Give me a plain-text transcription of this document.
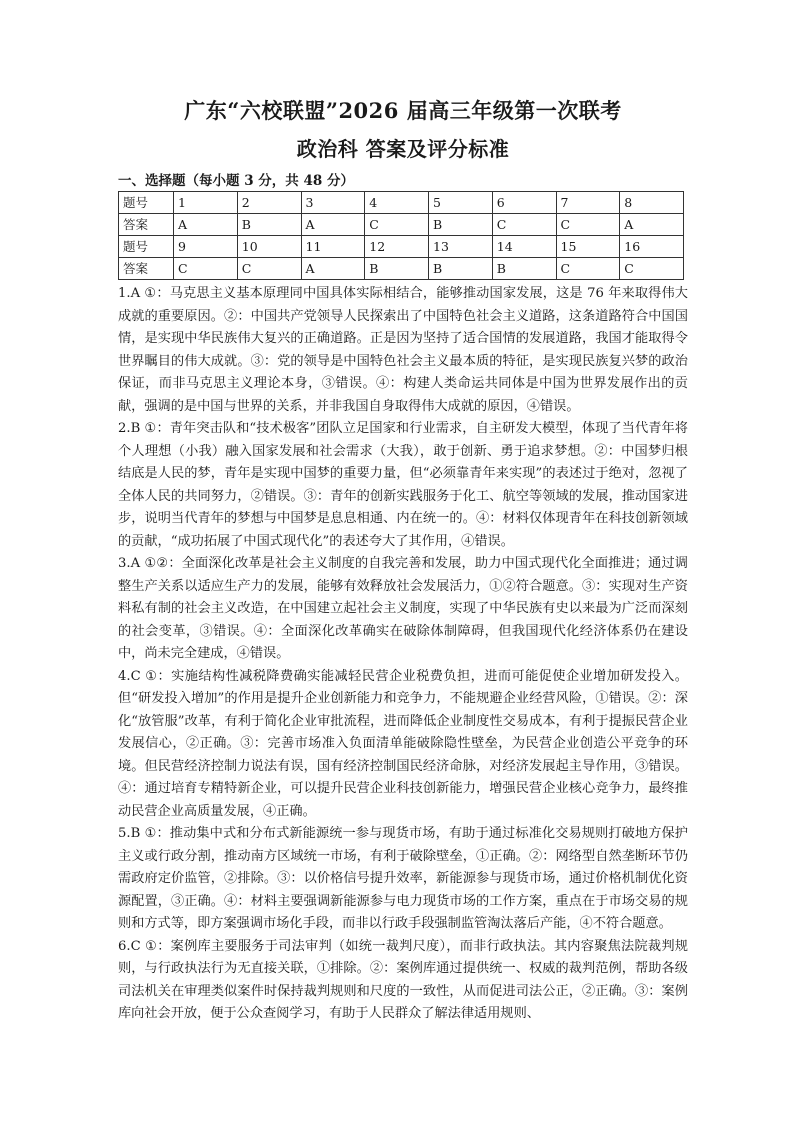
广东“六校联盟”2026 届高三年级第一次联考
政治科 答案及评分标准
一、选择题（每小题 3 分，共 48 分）
题号	1	2	3	4	5	6	7	8
答案	A	B	A	C	B	C	C	A
题号	9	10	11	12	13	14	15	16
答案	C	C	A	B	B	B	C	C

1.A ①：马克思主义基本原理同中国具体实际相结合，能够推动国家发展，这是 76 年来取得伟大成就的重要原因。②：中国共产党领导人民探索出了中国特色社会主义道路，这条道路符合中国国情，是实现中华民族伟大复兴的正确道路。正是因为坚持了适合国情的发展道路，我国才能取得令世界瞩目的伟大成就。③：党的领导是中国特色社会主义最本质的特征，是实现民族复兴梦的政治保证，而非马克思主义理论本身，③错误。④：构建人类命运共同体是中国为世界发展作出的贡献，强调的是中国与世界的关系，并非我国自身取得伟大成就的原因，④错误。

2.B ①：青年突击队和“技术极客”团队立足国家和行业需求，自主研发大模型，体现了当代青年将个人理想（小我）融入国家发展和社会需求（大我），敢于创新、勇于追求梦想。②：中国梦归根结底是人民的梦，青年是实现中国梦的重要力量，但“必须靠青年来实现”的表述过于绝对，忽视了全体人民的共同努力，②错误。③：青年的创新实践服务于化工、航空等领域的发展，推动国家进步，说明当代青年的梦想与中国梦是息息相通、内在统一的。④：材料仅体现青年在科技创新领域的贡献，“成功拓展了中国式现代化”的表述夸大了其作用，④错误。

3.A ①②：全面深化改革是社会主义制度的自我完善和发展，助力中国式现代化全面推进；通过调整生产关系以适应生产力的发展，能够有效释放社会发展活力，①②符合题意。③：实现对生产资料私有制的社会主义改造，在中国建立起社会主义制度，实现了中华民族有史以来最为广泛而深刻的社会变革，③错误。④：全面深化改革确实在破除体制障碍，但我国现代化经济体系仍在建设中，尚未完全建成，④错误。

4.C ①：实施结构性减税降费确实能减轻民营企业税费负担，进而可能促使企业增加研发投入。但“研发投入增加”的作用是提升企业创新能力和竞争力，不能规避企业经营风险，①错误。②：深化“放管服”改革，有利于简化企业审批流程，进而降低企业制度性交易成本，有利于提振民营企业发展信心，②正确。③：完善市场准入负面清单能破除隐性壁垒，为民营企业创造公平竞争的环境。但民营经济控制力说法有误，国有经济控制国民经济命脉，对经济发展起主导作用，③错误。④：通过培育专精特新企业，可以提升民营企业科技创新能力，增强民营企业核心竞争力，最终推动民营企业高质量发展，④正确。

5.B ①：推动集中式和分布式新能源统一参与现货市场，有助于通过标准化交易规则打破地方保护主义或行政分割，推动南方区域统一市场，有利于破除壁垒，①正确。②：网络型自然垄断环节仍需政府定价监管，②排除。③：以价格信号提升效率，新能源参与现货市场，通过价格机制优化资源配置，③正确。④：材料主要强调新能源参与电力现货市场的工作方案，重点在于市场交易的规则和方式等，即方案强调市场化手段，而非以行政手段强制监管淘汰落后产能，④不符合题意。

6.C ①：案例库主要服务于司法审判（如统一裁判尺度），而非行政执法。其内容聚焦法院裁判规则，与行政执法行为无直接关联，①排除。②：案例库通过提供统一、权威的裁判范例，帮助各级司法机关在审理类似案件时保持裁判规则和尺度的一致性，从而促进司法公正，②正确。③：案例库向社会开放，便于公众查阅学习，有助于人民群众了解法律适用规则、
